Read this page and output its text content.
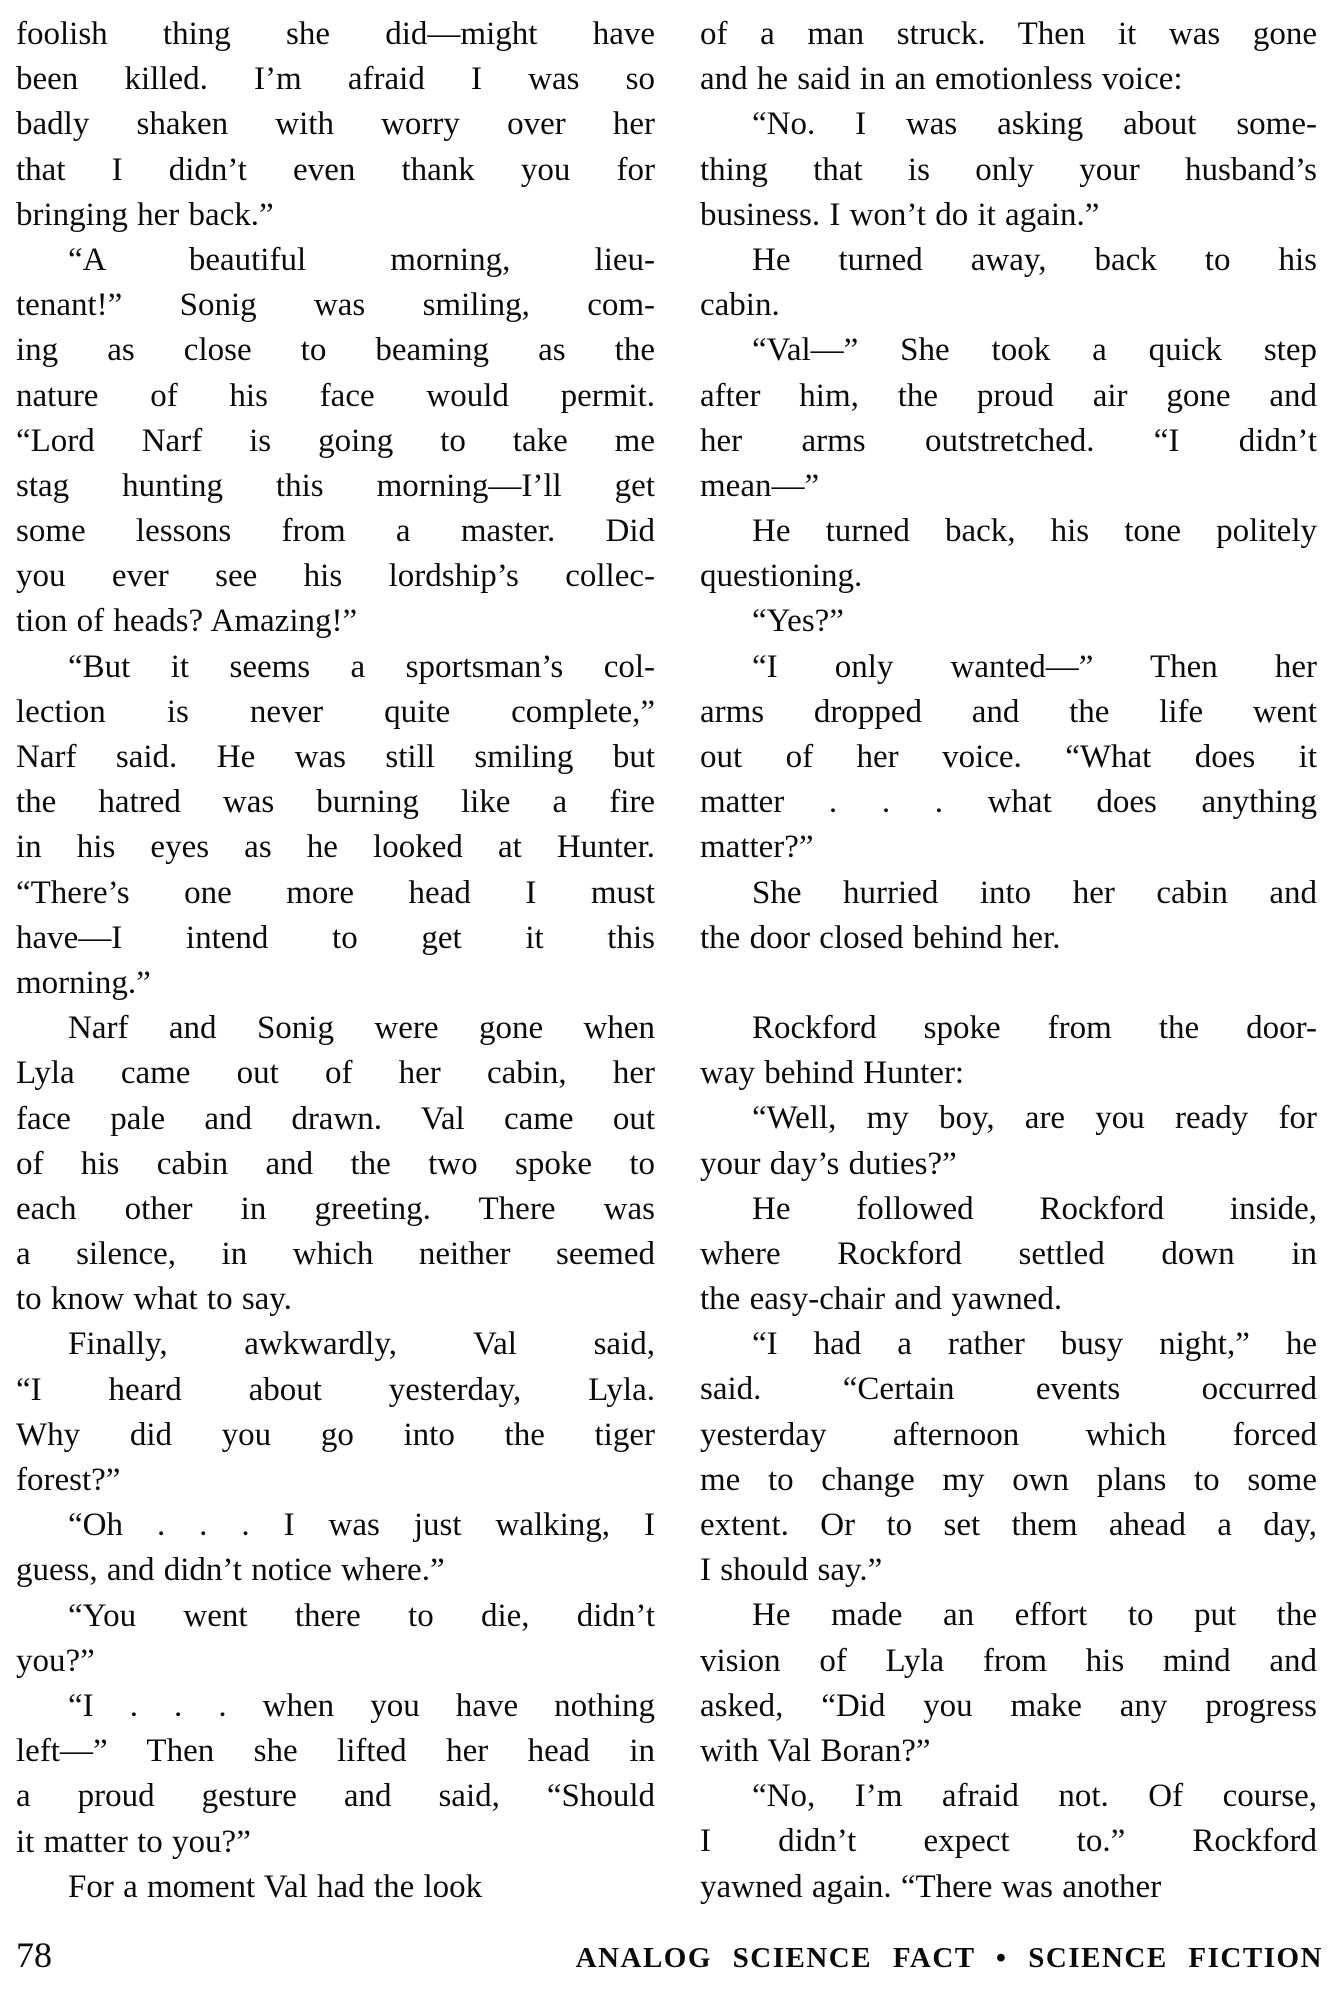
foolish thing she did—might have
been killed. I’m afraid I was so
badly shaken with worry over her
that I didn’t even thank you for
bringing her back.”
“A beautiful morning, lieu-
tenant!” Sonig was smiling, com-
ing as close to beaming as the
nature of his face would permit.
“Lord Narf is going to take me
stag hunting this morning—I’ll get
some lessons from a master. Did
you ever see his lordship’s collec-
tion of heads? Amazing!”
“But it seems a sportsman’s col-
lection is never quite complete,”
Narf said. He was still smiling but
the hatred was burning like a fire
in his eyes as he looked at Hunter.
“There’s one more head I must
have—I intend to get it this
morning.”
Narf and Sonig were gone when
Lyla came out of her cabin, her
face pale and drawn. Val came out
of his cabin and the two spoke to
each other in greeting. There was
a silence, in which neither seemed
to know what to say.
Finally, awkwardly, Val said,
“I heard about yesterday, Lyla.
Why did you go into the tiger
forest?”
“Oh . . . I was just walking, I
guess, and didn’t notice where.”
“You went there to die, didn’t
you?”
“I . . . when you have nothing
left—” Then she lifted her head in
a proud gesture and said, “Should
it matter to you?”
For a moment Val had the look
of a man struck. Then it was gone
and he said in an emotionless voice:
“No. I was asking about some-
thing that is only your husband’s
business. I won’t do it again.”
He turned away, back to his
cabin.
“Val—” She took a quick step
after him, the proud air gone and
her arms outstretched. “I didn’t
mean—”
He turned back, his tone politely
questioning.
“Yes?”
“I only wanted—” Then her
arms dropped and the life went
out of her voice. “What does it
matter . . . what does anything
matter?”
She hurried into her cabin and
the door closed behind her.
Rockford spoke from the door-
way behind Hunter:
“Well, my boy, are you ready for
your day’s duties?”
He followed Rockford inside,
where Rockford settled down in
the easy-chair and yawned.
“I had a rather busy night,” he
said. “Certain events occurred
yesterday afternoon which forced
me to change my own plans to some
extent. Or to set them ahead a day,
I should say.”
He made an effort to put the
vision of Lyla from his mind and
asked, “Did you make any progress
with Val Boran?”
“No, I’m afraid not. Of course,
I didn’t expect to.” Rockford
yawned again. “There was another
78	ANALOG SCIENCE FACT • SCIENCE FICTION
